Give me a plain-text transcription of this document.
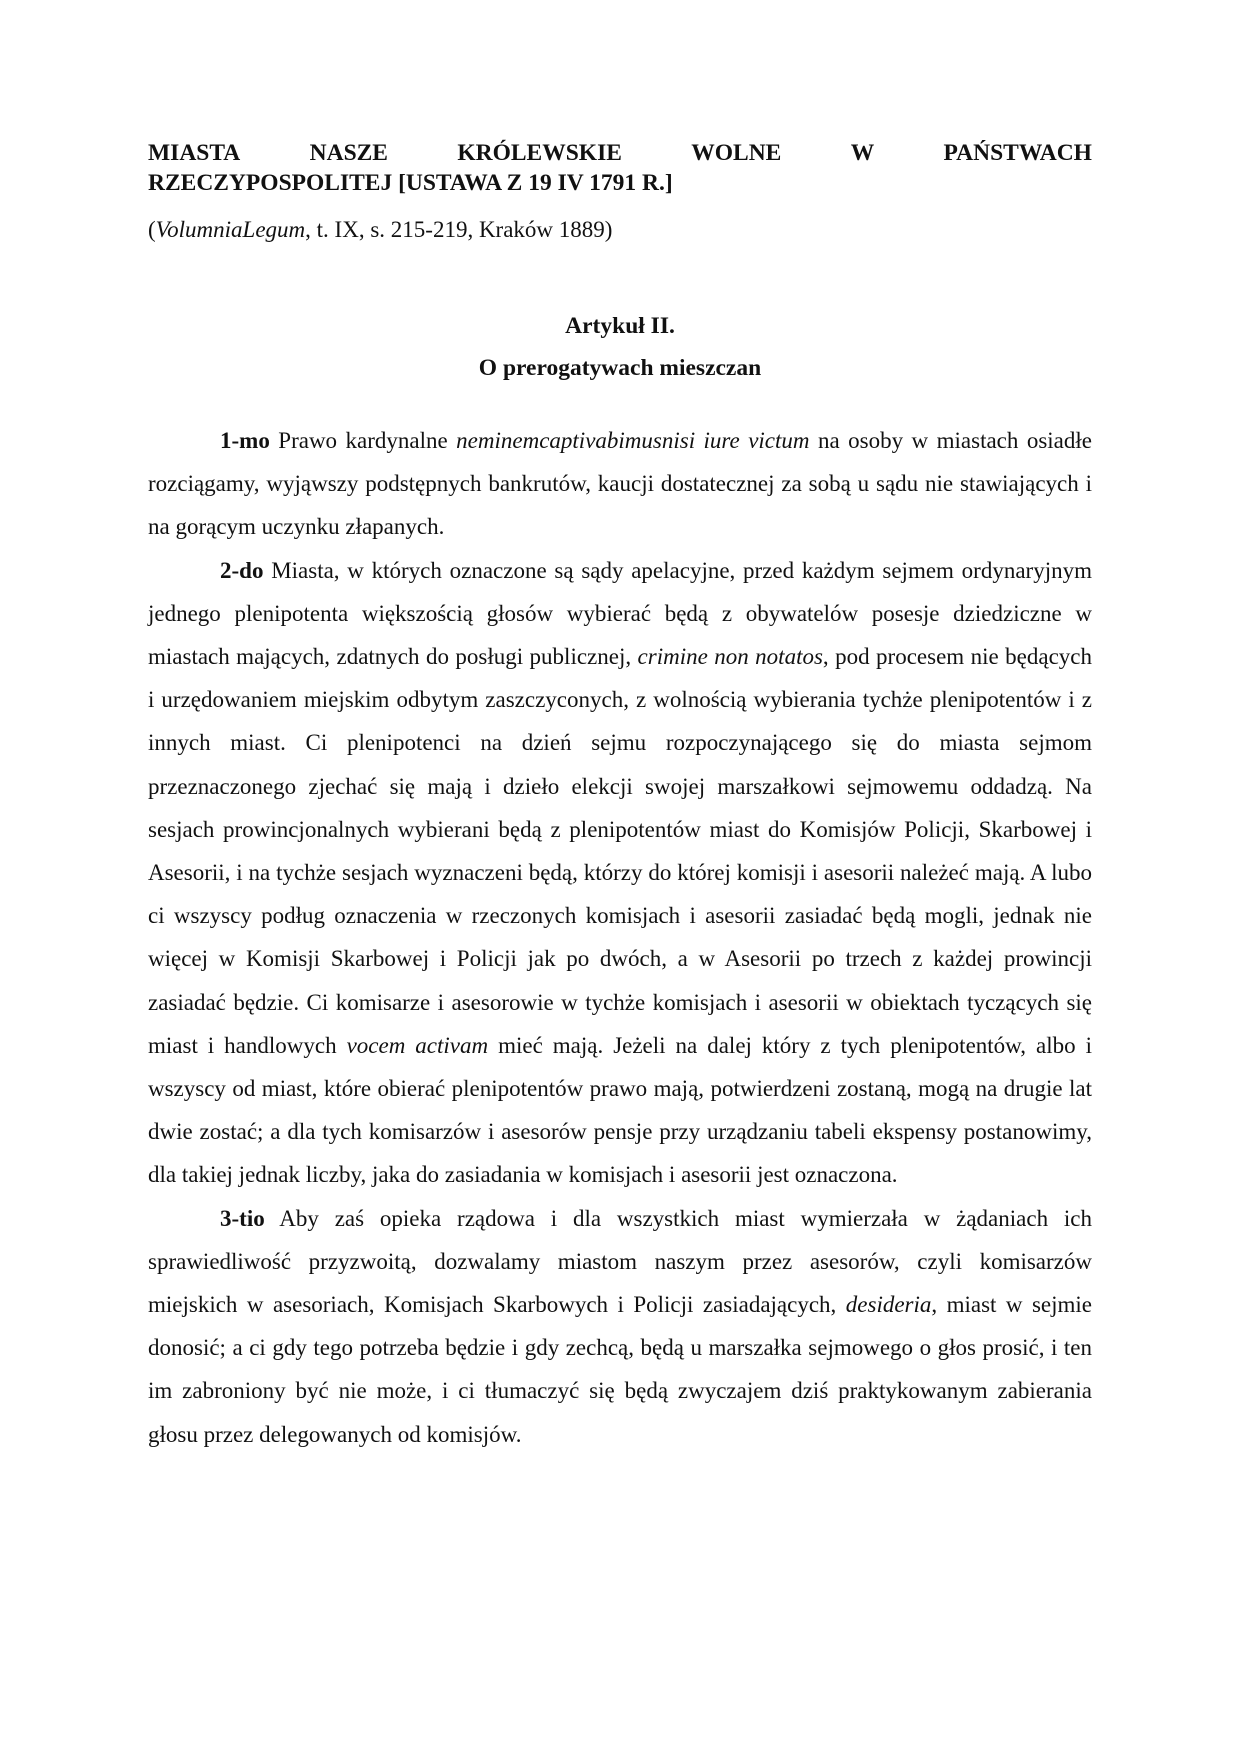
MIASTA	NASZE	KRÓLEWSKIE	WOLNE	W	PAŃSTWACH
RZECZYPOSPOLITEJ [USTAWA Z 19 IV 1791 R.]

(VolumniaLegum, t. IX, s. 215-219, Kraków 1889)

Artykuł II.
O prerogatywach mieszczan

1-mo Prawo kardynalne neminemcaptivabimusnisi iure victum na osoby w miastach osiadłe rozciągamy, wyjąwszy podstępnych bankrutów, kaucji dostatecznej za sobą u sądu nie stawiających i na gorącym uczynku złapanych.

2-do Miasta, w których oznaczone są sądy apelacyjne, przed każdym sejmem ordynaryjnym jednego plenipotenta większością głosów wybierać będą z obywatelów posesje dziedziczne w miastach mających, zdatnych do posługi publicznej, crimine non notatos, pod procesem nie będących i urzędowaniem miejskim odbytym zaszczyconych, z wolnością wybierania tychże plenipotentów i z innych miast. Ci plenipotenci na dzień sejmu rozpoczynającego się do miasta sejmom przeznaczonego zjechać się mają i dzieło elekcji swojej marszałkowi sejmowemu oddadzą. Na sesjach prowincjonalnych wybierani będą z plenipotentów miast do Komisjów Policji, Skarbowej i Asesorii, i na tychże sesjach wyznaczeni będą, którzy do której komisji i asesorii należeć mają. A lubo ci wszyscy podług oznaczenia w rzeczonych komisjach i asesorii zasiadać będą mogli, jednak nie więcej w Komisji Skarbowej i Policji jak po dwóch, a w Asesorii po trzech z każdej prowincji zasiadać będzie. Ci komisarze i asesorowie w tychże komisjach i asesorii w obiektach tyczących się miast i handlowych vocem activam mieć mają. Jeżeli na dalej który z tych plenipotentów, albo i wszyscy od miast, które obierać plenipotentów prawo mają, potwierdzeni zostaną, mogą na drugie lat dwie zostać; a dla tych komisarzów i asesorów pensje przy urządzaniu tabeli ekspensy postanowimy, dla takiej jednak liczby, jaka do zasiadania w komisjach i asesorii jest oznaczona.

3-tio Aby zaś opieka rządowa i dla wszystkich miast wymierzała w żądaniach ich sprawiedliwość przyzwoitą, dozwalamy miastom naszym przez asesorów, czyli komisarzów miejskich w asesoriach, Komisjach Skarbowych i Policji zasiadających, desideria, miast w sejmie donosić; a ci gdy tego potrzeba będzie i gdy zechcą, będą u marszałka sejmowego o głos prosić, i ten im zabroniony być nie może, i ci tłumaczyć się będą zwyczajem dziś praktykowanym zabierania głosu przez delegowanych od komisjów.
